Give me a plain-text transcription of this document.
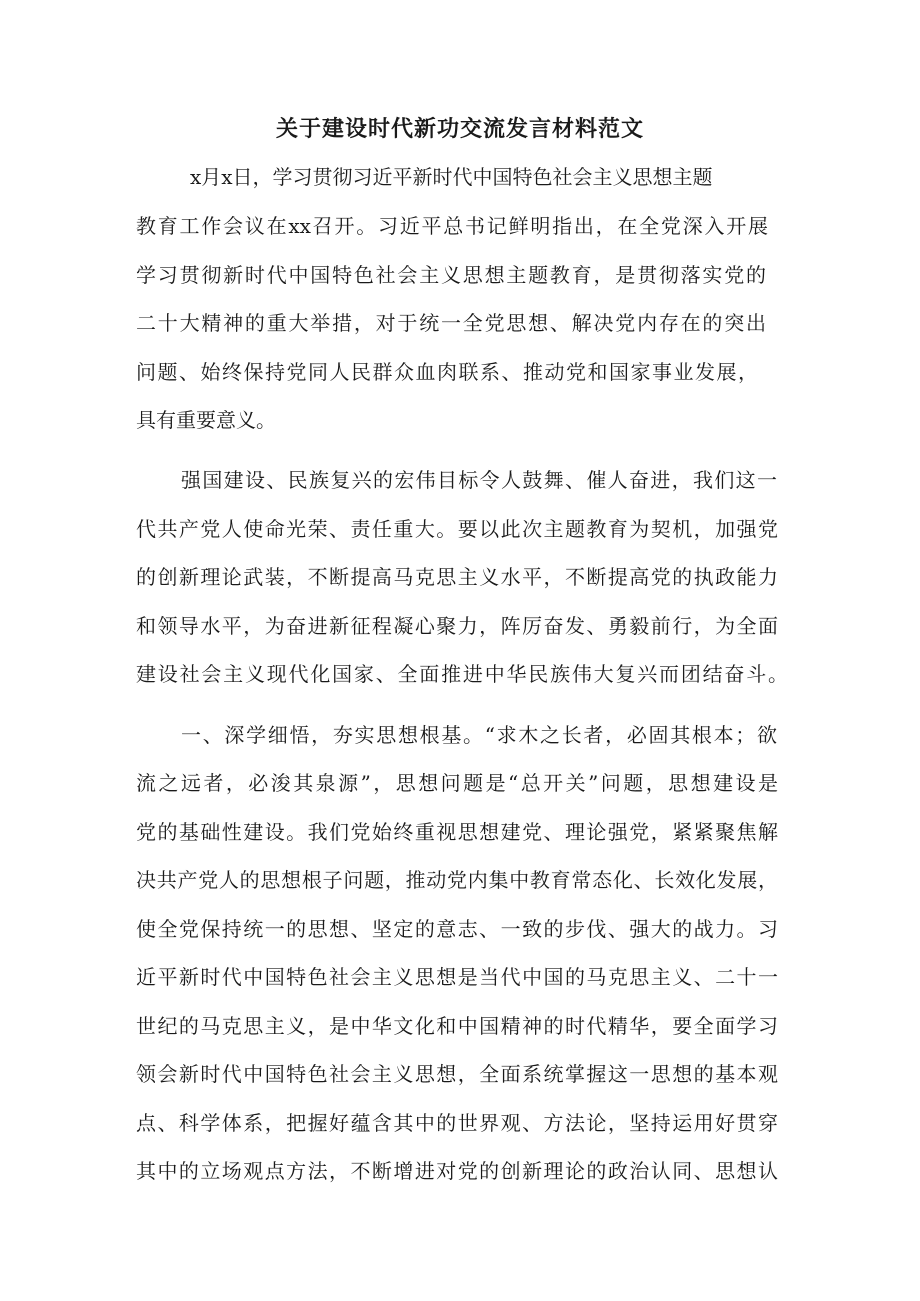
关于建设时代新功交流发言材料范文
x月x日，学习贯彻习近平新时代中国特色社会主义思想主题
教育工作会议在xx召开。习近平总书记鲜明指出，在全党深入开展
学习贯彻新时代中国特色社会主义思想主题教育，是贯彻落实党的
二十大精神的重大举措，对于统一全党思想、解决党内存在的突出
问题、始终保持党同人民群众血肉联系、推动党和国家事业发展，
具有重要意义。
强国建设、民族复兴的宏伟目标令人鼓舞、催人奋进，我们这一
代共产党人使命光荣、责任重大。要以此次主题教育为契机，加强党
的创新理论武装，不断提高马克思主义水平，不断提高党的执政能力
和领导水平，为奋进新征程凝心聚力，阵厉奋发、勇毅前行，为全面
建设社会主义现代化国家、全面推进中华民族伟大复兴而团结奋斗。
一、深学细悟，夯实思想根基。“求木之长者，必固其根本；欲
流之远者，必浚其泉源”，思想问题是“总开关”问题，思想建设是
党的基础性建设。我们党始终重视思想建党、理论强党，紧紧聚焦解
决共产党人的思想根子问题，推动党内集中教育常态化、长效化发展，
使全党保持统一的思想、坚定的意志、一致的步伐、强大的战力。习
近平新时代中国特色社会主义思想是当代中国的马克思主义、二十一
世纪的马克思主义，是中华文化和中国精神的时代精华，要全面学习
领会新时代中国特色社会主义思想，全面系统掌握这一思想的基本观
点、科学体系，把握好蕴含其中的世界观、方法论，坚持运用好贯穿
其中的立场观点方法，不断增进对党的创新理论的政治认同、思想认
